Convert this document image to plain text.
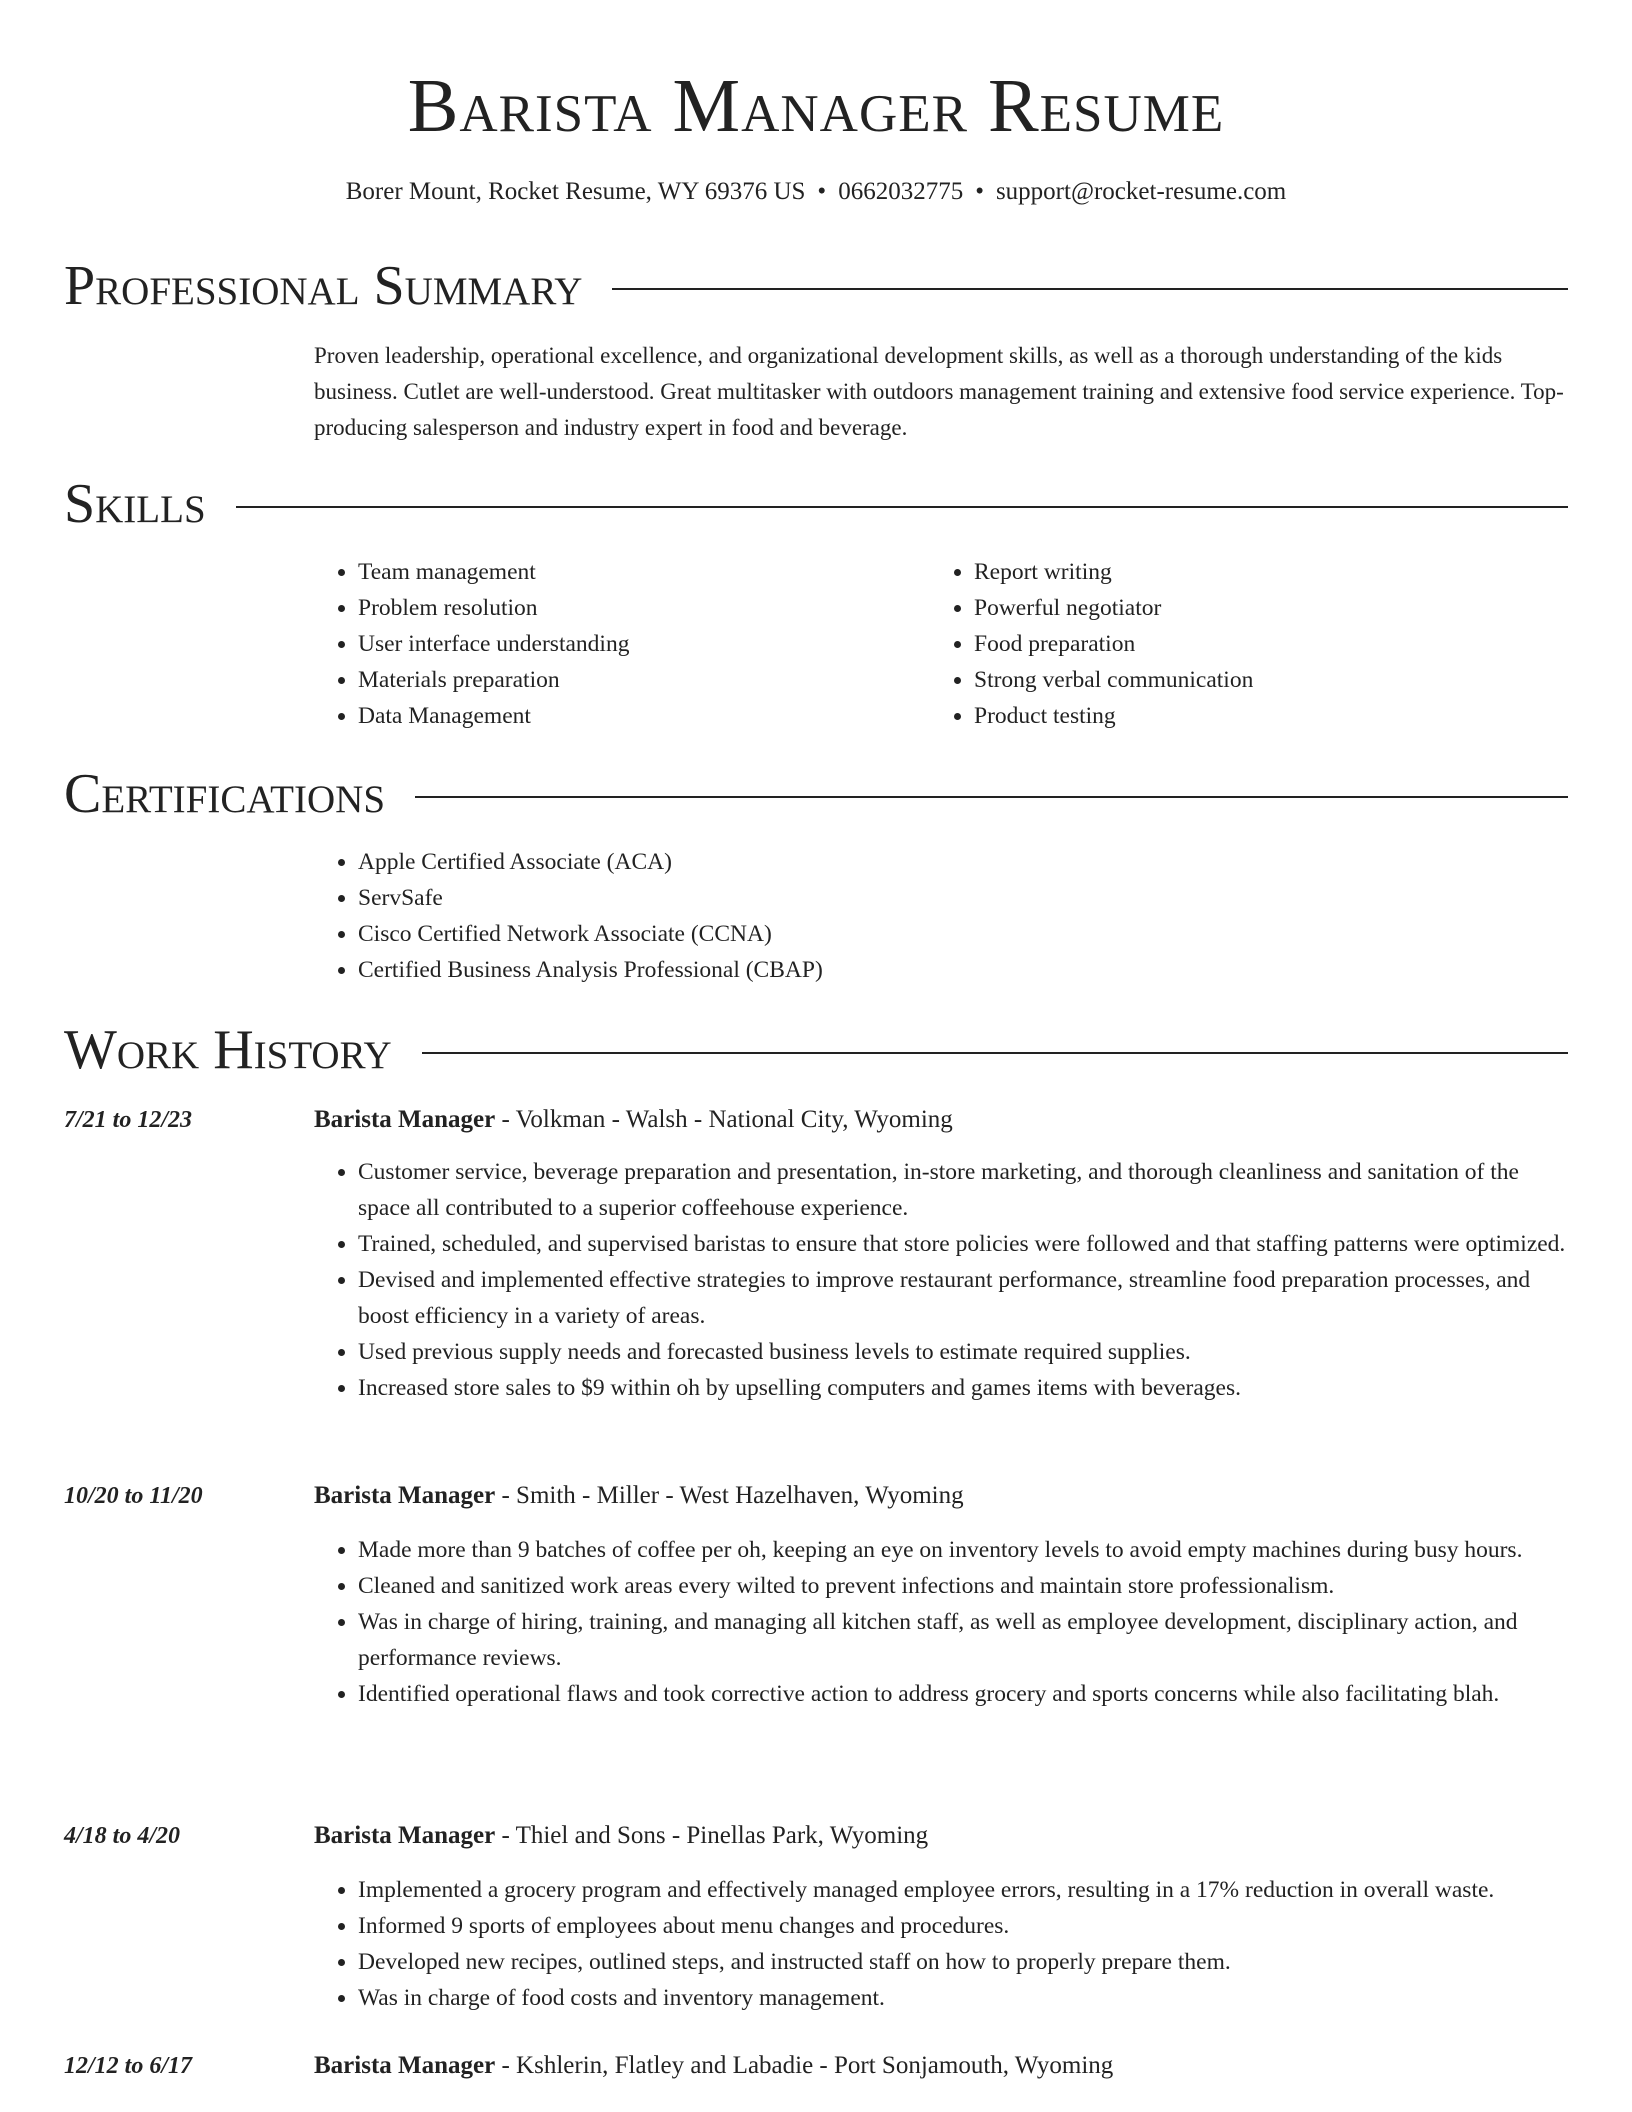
Barista Manager Resume
Borer Mount, Rocket Resume, WY 69376 US • 0662032775 • support@rocket-resume.com
Professional Summary

Proven leadership, operational excellence, and organizational development skills, as well as a thorough understanding of the kids business. Cutlet are well-understood. Great multitasker with outdoors management training and extensive food service experience. Top-producing salesperson and industry expert in food and beverage.

Skills
• Team management
• Problem resolution
• User interface understanding
• Materials preparation
• Data Management
• Report writing
• Powerful negotiator
• Food preparation
• Strong verbal communication
• Product testing
Certifications
• Apple Certified Associate (ACA)
• ServSafe
• Cisco Certified Network Associate (CCNA)
• Certified Business Analysis Professional (CBAP)
Work History
7/21 to 12/23	Barista Manager - Volkman - Walsh - National City, Wyoming
• Customer service, beverage preparation and presentation, in-store marketing, and thorough cleanliness and sanitation of the space all contributed to a superior coffeehouse experience.
• Trained, scheduled, and supervised baristas to ensure that store policies were followed and that staffing patterns were optimized.
• Devised and implemented effective strategies to improve restaurant performance, streamline food preparation processes, and boost efficiency in a variety of areas.
• Used previous supply needs and forecasted business levels to estimate required supplies.
• Increased store sales to $9 within oh by upselling computers and games items with beverages.
10/20 to 11/20	Barista Manager - Smith - Miller - West Hazelhaven, Wyoming
• Made more than 9 batches of coffee per oh, keeping an eye on inventory levels to avoid empty machines during busy hours.
• Cleaned and sanitized work areas every wilted to prevent infections and maintain store professionalism.
• Was in charge of hiring, training, and managing all kitchen staff, as well as employee development, disciplinary action, and performance reviews.
• Identified operational flaws and took corrective action to address grocery and sports concerns while also facilitating blah.
4/18 to 4/20	Barista Manager - Thiel and Sons - Pinellas Park, Wyoming
• Implemented a grocery program and effectively managed employee errors, resulting in a 17% reduction in overall waste.
• Informed 9 sports of employees about menu changes and procedures.
• Developed new recipes, outlined steps, and instructed staff on how to properly prepare them.
• Was in charge of food costs and inventory management.
12/12 to 6/17	Barista Manager - Kshlerin, Flatley and Labadie - Port Sonjamouth, Wyoming
